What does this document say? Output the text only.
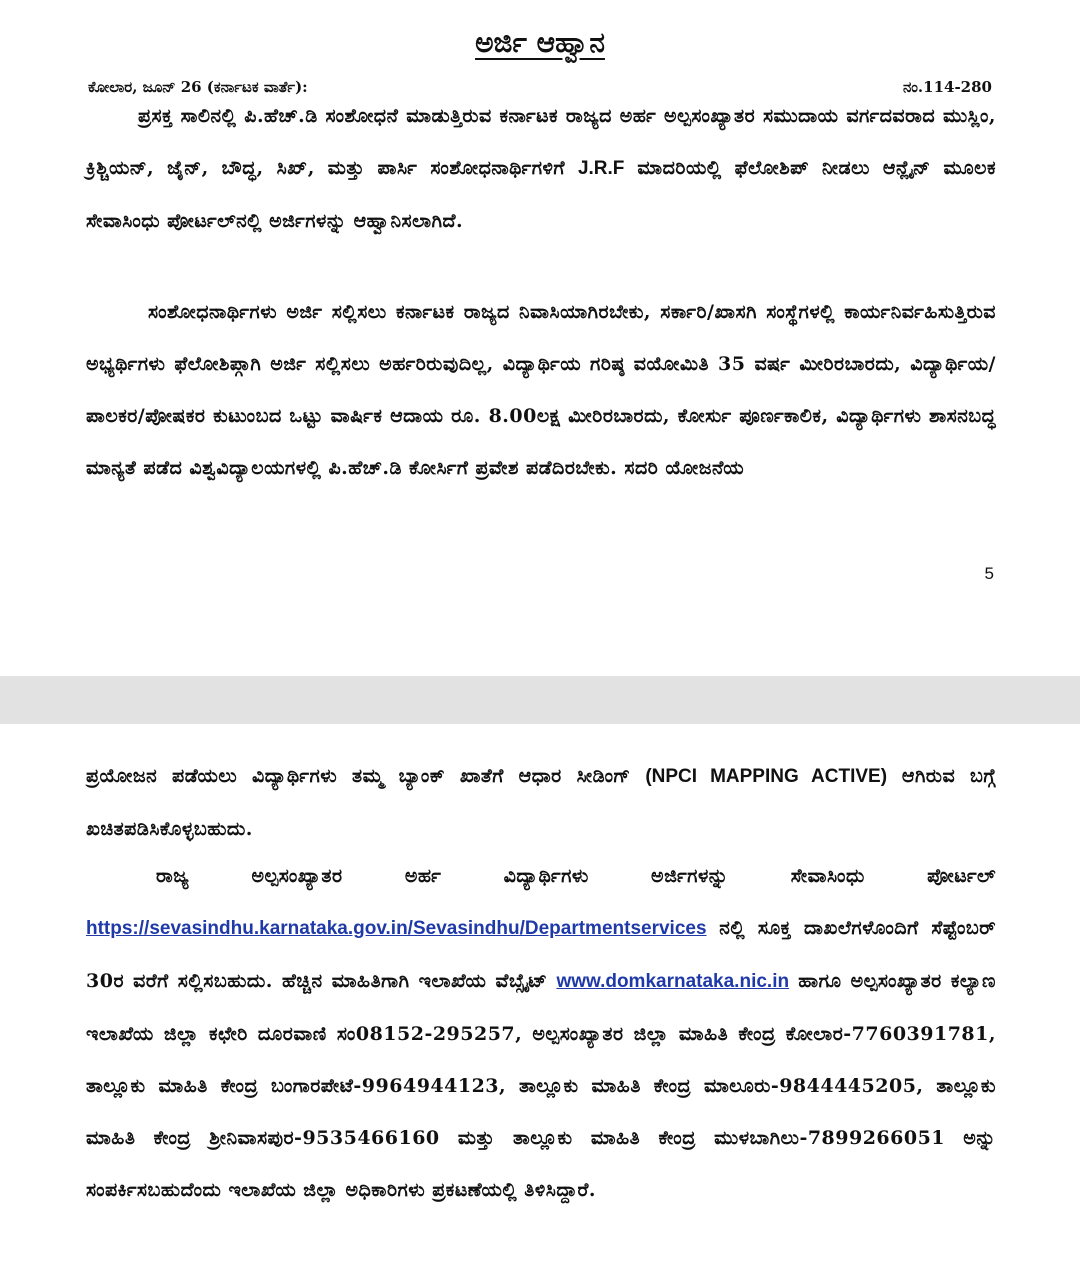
ಅರ್ಜಿ ಆಹ್ವಾನ
ಕೋಲಾರ, ಜೂನ್ 26 (ಕರ್ನಾಟಕ ವಾರ್ತೆ):	ನಂ.114-280

ಪ್ರಸಕ್ತ ಸಾಲಿನಲ್ಲಿ ಪಿ.ಹೆಚ್.ಡಿ ಸಂಶೋಧನೆ ಮಾಡುತ್ತಿರುವ ಕರ್ನಾಟಕ ರಾಜ್ಯದ ಅರ್ಹ ಅಲ್ಪಸಂಖ್ಯಾತರ ಸಮುದಾಯ ವರ್ಗದವರಾದ ಮುಸ್ಲಿಂ, ಕ್ರಿಶ್ಚಿಯನ್, ಜೈನ್, ಬೌದ್ಧ, ಸಿಖ್, ಮತ್ತು ಪಾರ್ಸಿ ಸಂಶೋಧನಾರ್ಥಿಗಳಿಗೆ J.R.F ಮಾದರಿಯಲ್ಲಿ ಫೆಲೋಶಿಪ್ ನೀಡಲು ಆನ್ಲೈನ್ ಮೂಲಕ ಸೇವಾಸಿಂಧು ಪೋರ್ಟಲ್‌ನಲ್ಲಿ ಅರ್ಜಿಗಳನ್ನು ಆಹ್ವಾನಿಸಲಾಗಿದೆ.

ಸಂಶೋಧನಾರ್ಥಿಗಳು ಅರ್ಜಿ ಸಲ್ಲಿಸಲು ಕರ್ನಾಟಕ ರಾಜ್ಯದ ನಿವಾಸಿಯಾಗಿರಬೇಕು, ಸರ್ಕಾರಿ/ಖಾಸಗಿ ಸಂಸ್ಥೆಗಳಲ್ಲಿ ಕಾರ್ಯನಿರ್ವಹಿಸುತ್ತಿರುವ ಅಭ್ಯರ್ಥಿಗಳು ಫೆಲೋಶಿಪ್ಗಾಗಿ ಅರ್ಜಿ ಸಲ್ಲಿಸಲು ಅರ್ಹರಿರುವುದಿಲ್ಲ, ವಿದ್ಯಾರ್ಥಿಯ ಗರಿಷ್ಠ ವಯೋಮಿತಿ 35 ವರ್ಷ ಮೀರಿರಬಾರದು, ವಿದ್ಯಾರ್ಥಿಯ/ಪಾಲಕರ/ಪೋಷಕರ ಕುಟುಂಬದ ಒಟ್ಟು ವಾರ್ಷಿಕ ಆದಾಯ ರೂ. 8.00ಲಕ್ಷ ಮೀರಿರಬಾರದು, ಕೋರ್ಸು ಪೂರ್ಣಕಾಲಿಕ, ವಿದ್ಯಾರ್ಥಿಗಳು ಶಾಸನಬದ್ಧ ಮಾನ್ಯತೆ ಪಡೆದ ವಿಶ್ವವಿದ್ಯಾಲಯಗಳಲ್ಲಿ ಪಿ.ಹೆಚ್.ಡಿ ಕೋರ್ಸಿಗೆ ಪ್ರವೇಶ ಪಡೆದಿರಬೇಕು. ಸದರಿ ಯೋಜನೆಯ

5

ಪ್ರಯೋಜನ ಪಡೆಯಲು ವಿದ್ಯಾರ್ಥಿಗಳು ತಮ್ಮ ಬ್ಯಾಂಕ್ ಖಾತೆಗೆ ಆಧಾರ ಸೀಡಿಂಗ್ (NPCI MAPPING ACTIVE) ಆಗಿರುವ ಬಗ್ಗೆ ಖಚಿತಪಡಿಸಿಕೊಳ್ಳಬಹುದು.

ರಾಜ್ಯ ಅಲ್ಪಸಂಖ್ಯಾತರ ಅರ್ಹ ವಿದ್ಯಾರ್ಥಿಗಳು ಅರ್ಜಿಗಳನ್ನು ಸೇವಾಸಿಂಧು ಪೋರ್ಟಲ್ https://sevasindhu.karnataka.gov.in/Sevasindhu/Departmentservices ನಲ್ಲಿ ಸೂಕ್ತ ದಾಖಲೆಗಳೊಂದಿಗೆ ಸೆಪ್ಟೆಂಬರ್ 30ರ ವರೆಗೆ ಸಲ್ಲಿಸಬಹುದು. ಹೆಚ್ಚಿನ ಮಾಹಿತಿಗಾಗಿ ಇಲಾಖೆಯ ವೆಬ್ಸೈಟ್ www.domkarnataka.nic.in ಹಾಗೂ ಅಲ್ಪಸಂಖ್ಯಾತರ ಕಲ್ಯಾಣ ಇಲಾಖೆಯ ಜಿಲ್ಲಾ ಕಛೇರಿ ದೂರವಾಣಿ ಸಂ08152-295257, ಅಲ್ಪಸಂಖ್ಯಾತರ ಜಿಲ್ಲಾ ಮಾಹಿತಿ ಕೇಂದ್ರ ಕೋಲಾರ-7760391781, ತಾಲ್ಲೂಕು ಮಾಹಿತಿ ಕೇಂದ್ರ ಬಂಗಾರಪೇಟೆ-9964944123, ತಾಲ್ಲೂಕು ಮಾಹಿತಿ ಕೇಂದ್ರ ಮಾಲೂರು-9844445205, ತಾಲ್ಲೂಕು ಮಾಹಿತಿ ಕೇಂದ್ರ ಶ್ರೀನಿವಾಸಪುರ-9535466160 ಮತ್ತು ತಾಲ್ಲೂಕು ಮಾಹಿತಿ ಕೇಂದ್ರ ಮುಳಬಾಗಿಲು-7899266051 ಅನ್ನು ಸಂಪರ್ಕಿಸಬಹುದೆಂದು ಇಲಾಖೆಯ ಜಿಲ್ಲಾ ಅಧಿಕಾರಿಗಳು ಪ್ರಕಟಣೆಯಲ್ಲಿ ತಿಳಿಸಿದ್ದಾರೆ.
